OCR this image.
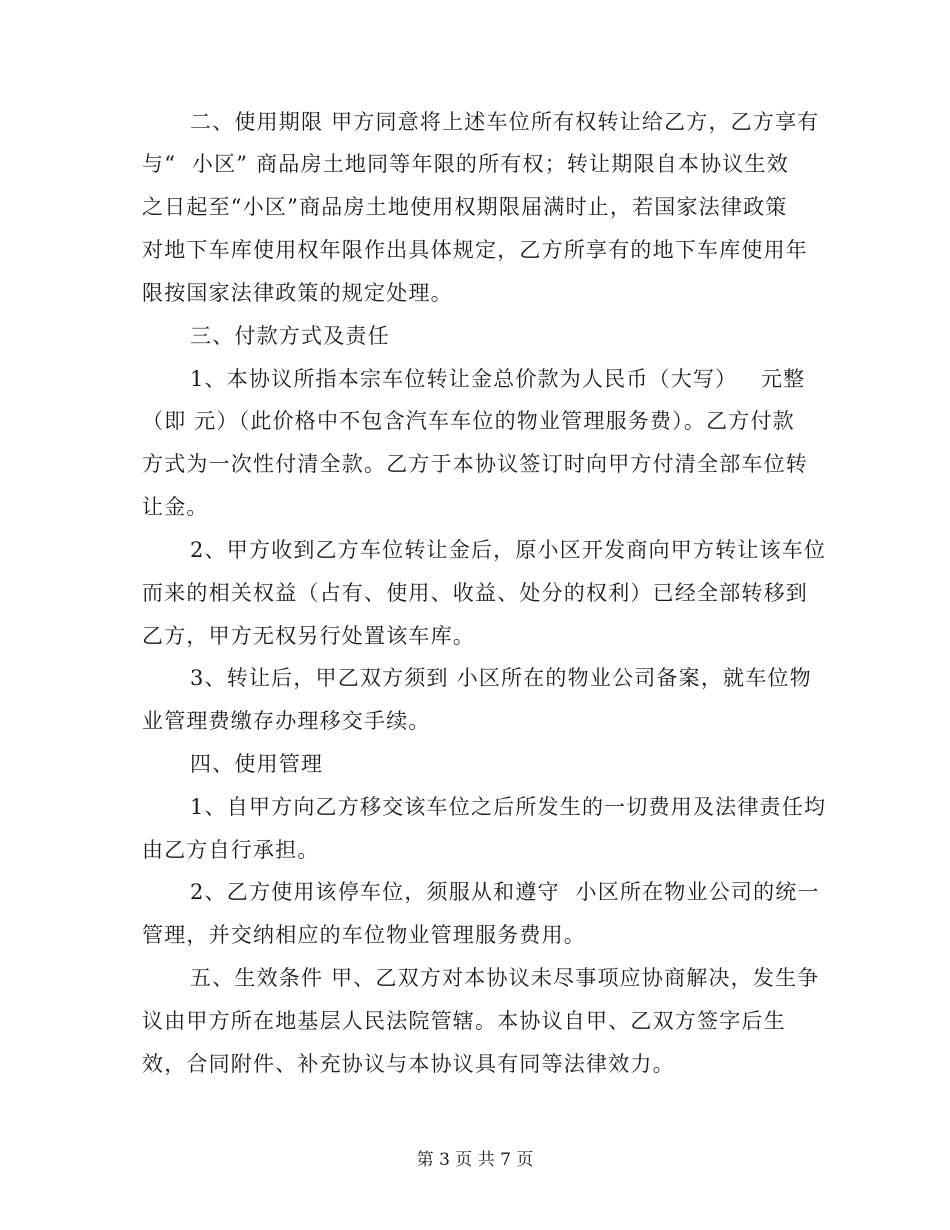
二、使用期限 甲方同意将上述车位所有权转让给乙方，乙方享有
与“  小区” 商品房土地同等年限的所有权；转让期限自本协议生效
之日起至“小区”商品房土地使用权期限届满时止，若国家法律政策
对地下车库使用权年限作出具体规定，乙方所享有的地下车库使用年
限按国家法律政策的规定处理。
三、付款方式及责任
1、本协议所指本宗车位转让金总价款为人民币（大写）   元整
（即 元）（此价格中不包含汽车车位的物业管理服务费）。乙方付款
方式为一次性付清全款。乙方于本协议签订时向甲方付清全部车位转
让金。
2、甲方收到乙方车位转让金后，原小区开发商向甲方转让该车位
而来的相关权益（占有、使用、收益、处分的权利）已经全部转移到
乙方，甲方无权另行处置该车库。
3、转让后，甲乙双方须到 小区所在的物业公司备案，就车位物
业管理费缴存办理移交手续。
四、使用管理
1、自甲方向乙方移交该车位之后所发生的一切费用及法律责任均
由乙方自行承担。
2、乙方使用该停车位，须服从和遵守  小区所在物业公司的统一
管理，并交纳相应的车位物业管理服务费用。
五、生效条件 甲、乙双方对本协议未尽事项应协商解决，发生争
议由甲方所在地基层人民法院管辖。本协议自甲、乙双方签字后生
效，合同附件、补充协议与本协议具有同等法律效力。
第 3 页 共 7 页
